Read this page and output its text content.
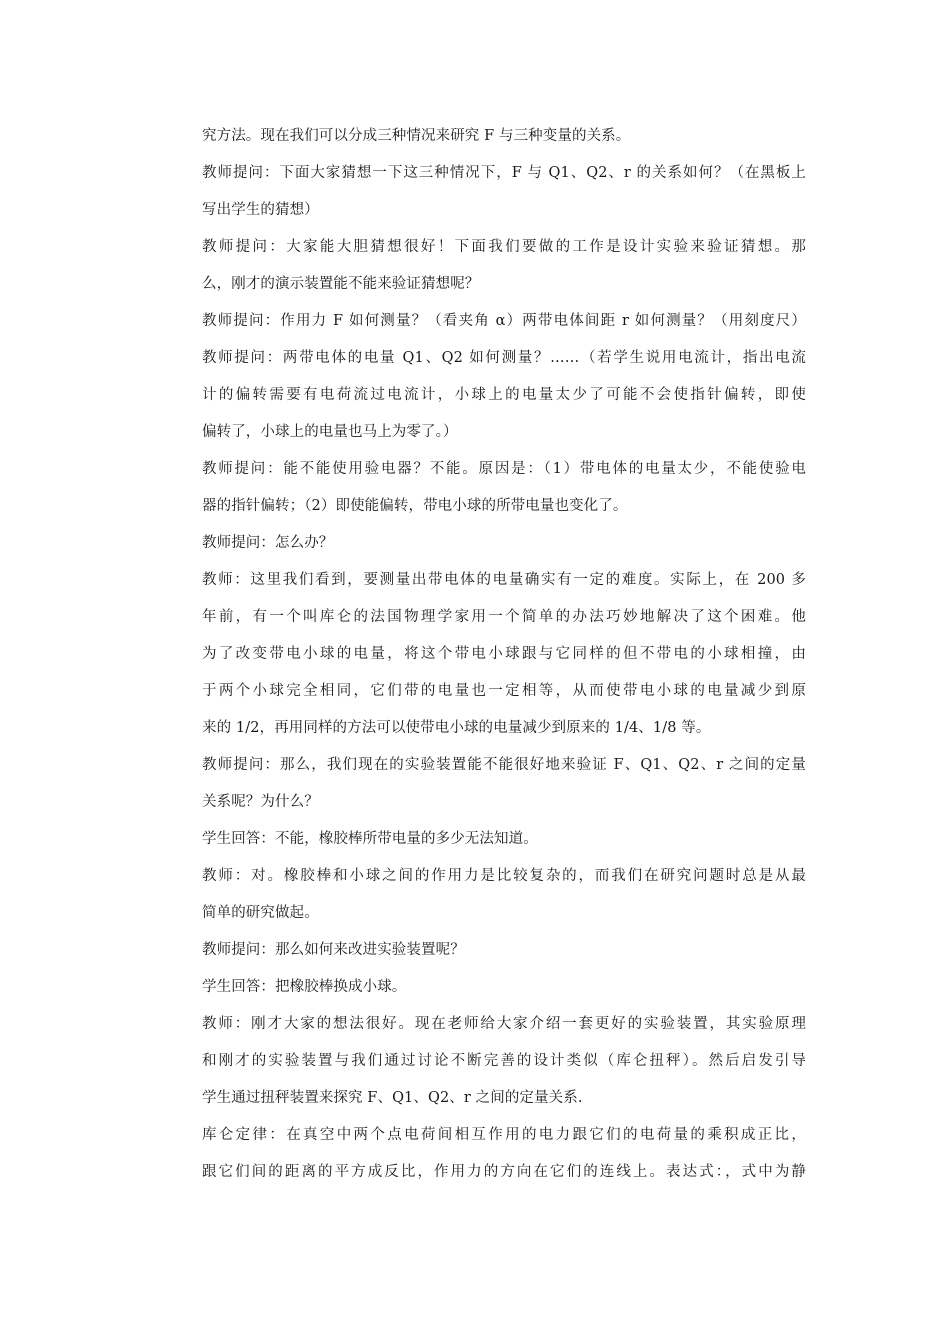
究方法。现在我们可以分成三种情况来研究 F 与三种变量的关系。
教师提问：下面大家猜想一下这三种情况下，F 与 Q1、Q2、r 的关系如何？（在黑板上
写出学生的猜想）
教师提问：大家能大胆猜想很好！下面我们要做的工作是设计实验来验证猜想。那
么，刚才的演示装置能不能来验证猜想呢？
教师提问：作用力 F 如何测量？（看夹角 α）两带电体间距 r 如何测量？（用刻度尺）
教师提问：两带电体的电量 Q1、Q2 如何测量？……（若学生说用电流计，指出电流
计的偏转需要有电荷流过电流计，小球上的电量太少了可能不会使指针偏转，即使
偏转了，小球上的电量也马上为零了。）
教师提问：能不能使用验电器？不能。原因是：（1）带电体的电量太少，不能使验电
器的指针偏转；（2）即使能偏转，带电小球的所带电量也变化了。
教师提问：怎么办？
教师：这里我们看到，要测量出带电体的电量确实有一定的难度。实际上，在 200 多
年前，有一个叫库仑的法国物理学家用一个简单的办法巧妙地解决了这个困难。他
为了改变带电小球的电量，将这个带电小球跟与它同样的但不带电的小球相撞，由
于两个小球完全相同，它们带的电量也一定相等，从而使带电小球的电量减少到原
来的 1/2，再用同样的方法可以使带电小球的电量减少到原来的 1/4、1/8 等。
教师提问：那么，我们现在的实验装置能不能很好地来验证 F、Q1、Q2、r 之间的定量
关系呢？为什么？
学生回答：不能，橡胶棒所带电量的多少无法知道。
教师：对。橡胶棒和小球之间的作用力是比较复杂的，而我们在研究问题时总是从最
简单的研究做起。
教师提问：那么如何来改进实验装置呢？
学生回答：把橡胶棒换成小球。
教师：刚才大家的想法很好。现在老师给大家介绍一套更好的实验装置，其实验原理
和刚才的实验装置与我们通过讨论不断完善的设计类似（库仑扭秤）。然后启发引导
学生通过扭秤装置来探究 F、Q1、Q2、r 之间的定量关系.
库仑定律：在真空中两个点电荷间相互作用的电力跟它们的电荷量的乘积成正比，
跟它们间的距离的平方成反比，作用力的方向在它们的连线上。表达式：，式中为静
